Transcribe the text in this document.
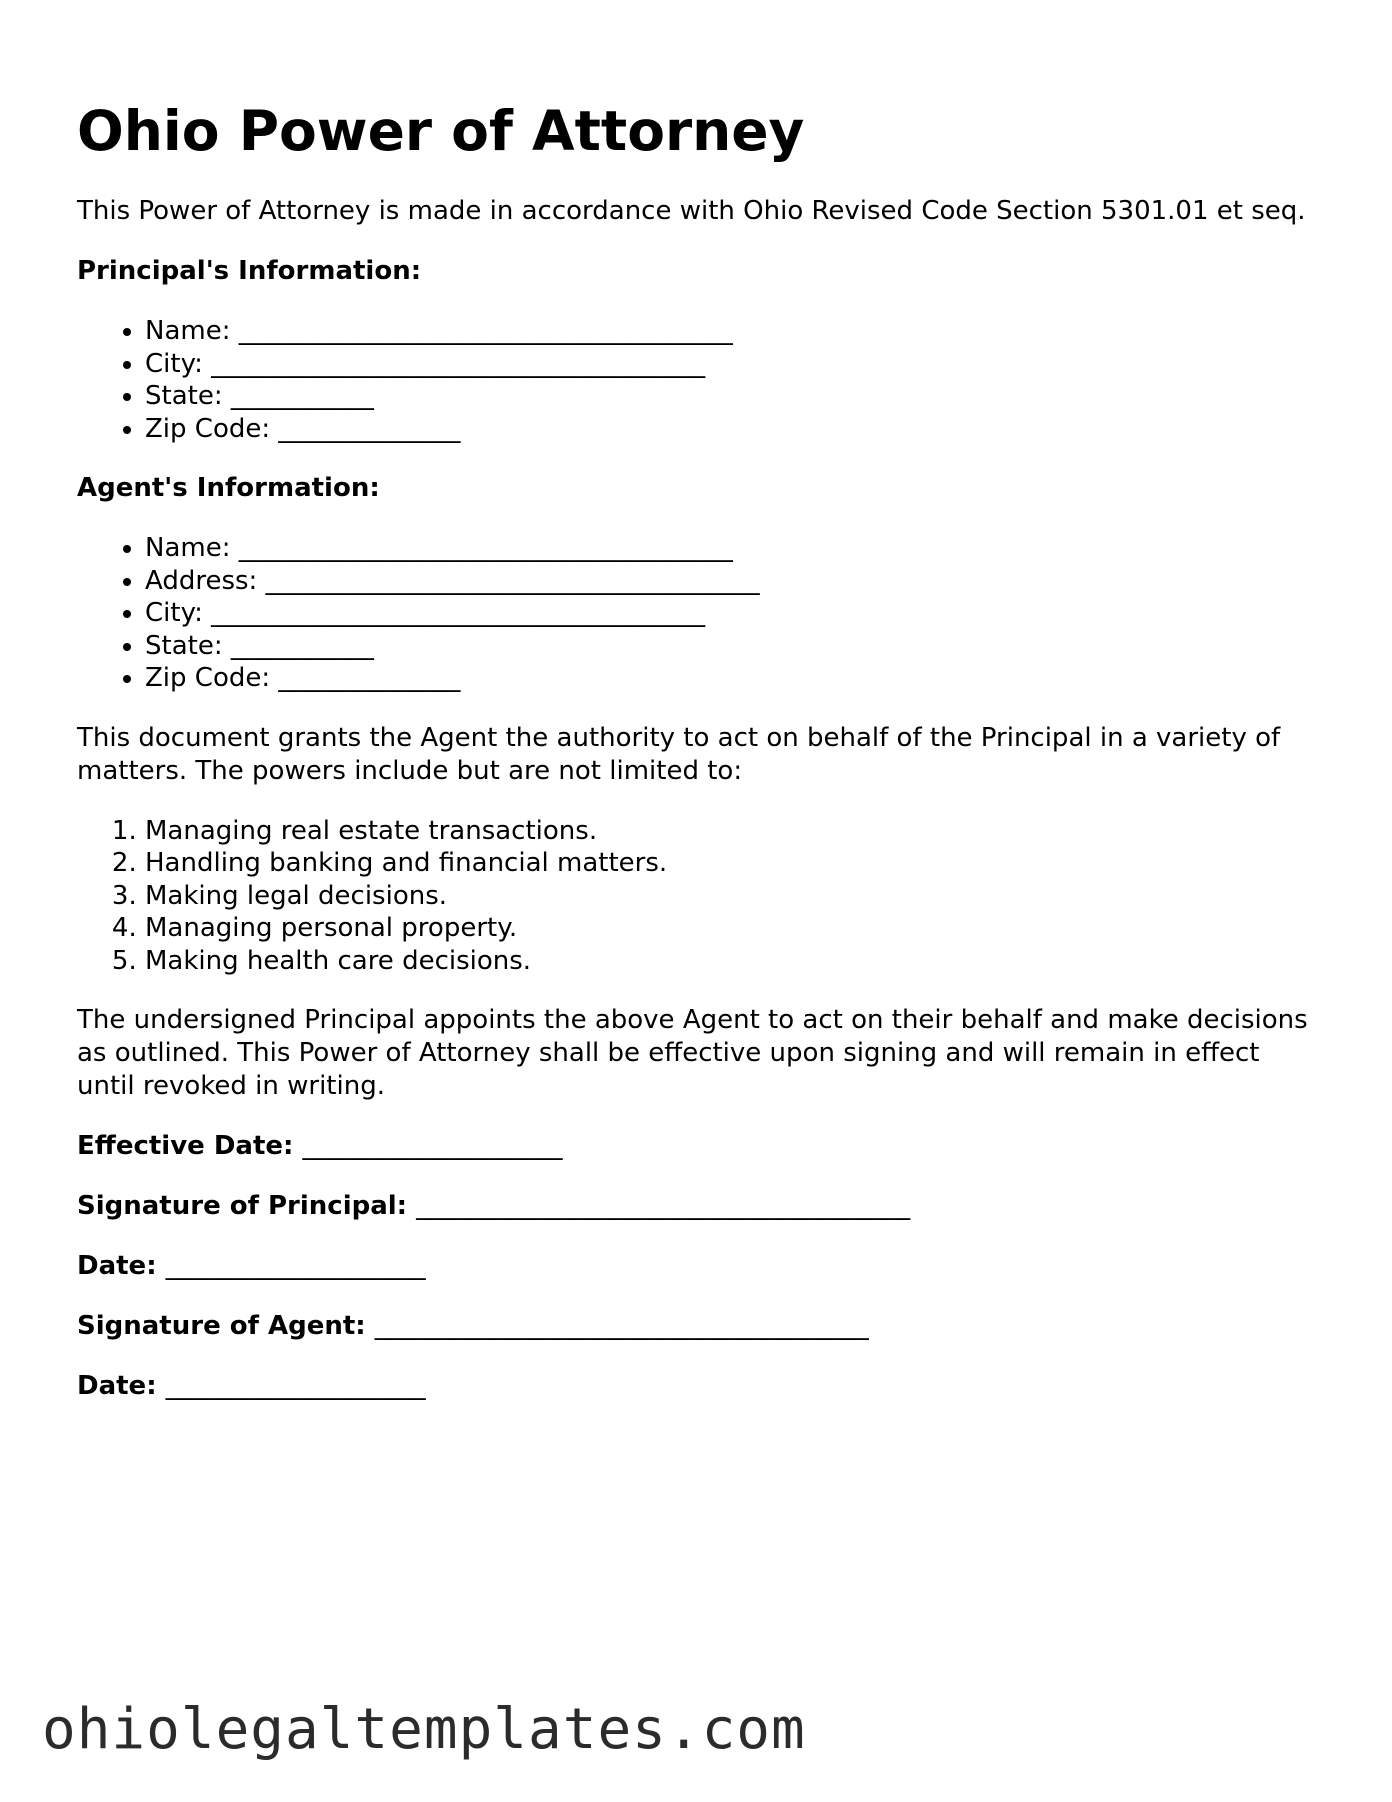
Ohio Power of Attorney

This Power of Attorney is made in accordance with Ohio Revised Code Section 5301.01 et seq.

Principal's Information:

• Name: ______________________________________
• City: ______________________________________
• State: ___________
• Zip Code: ______________

Agent's Information:

• Name: ______________________________________
• Address: ______________________________________
• City: ______________________________________
• State: ___________
• Zip Code: ______________

This document grants the Agent the authority to act on behalf of the Principal in a variety of matters. The powers include but are not limited to:

1. Managing real estate transactions.
2. Handling banking and financial matters.
3. Making legal decisions.
4. Managing personal property.
5. Making health care decisions.

The undersigned Principal appoints the above Agent to act on their behalf and make decisions as outlined. This Power of Attorney shall be effective upon signing and will remain in effect until revoked in writing.

Effective Date: ____________________

Signature of Principal: ______________________________________

Date: ____________________

Signature of Agent: ______________________________________

Date: ____________________

ohiolegaltemplates.com
